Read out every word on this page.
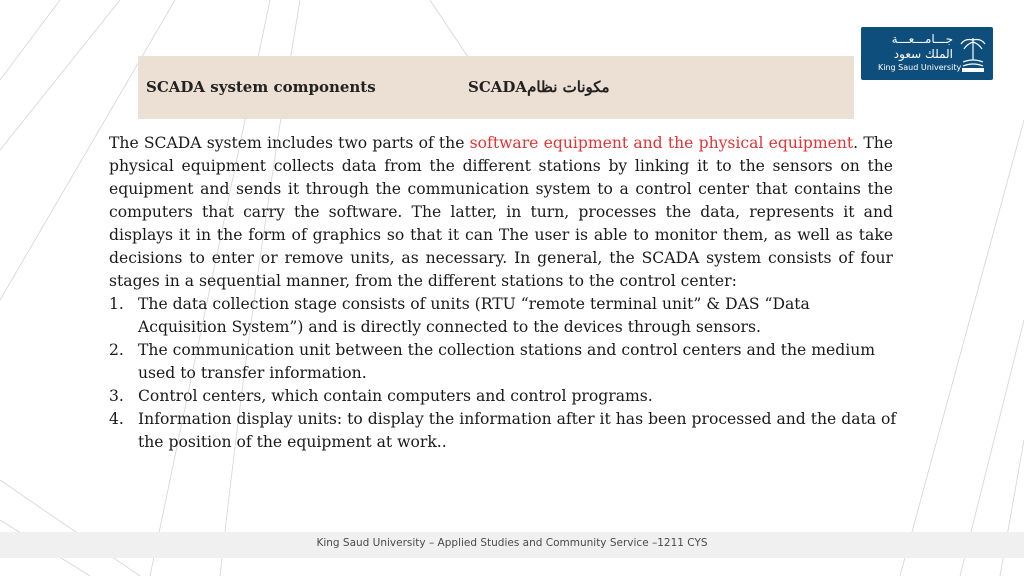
SCADA system components	SCADAمكونات نظام
جـــامـــعـــة
الملك سعود
King Saud University

The SCADA system includes two parts of the software equipment and the physical equipment. The physical equipment collects data from the different stations by linking it to the sensors on the equipment and sends it through the communication system to a control center that contains the computers that carry the software. The latter, in turn, processes the data, represents it and displays it in the form of graphics so that it can The user is able to monitor them, as well as take decisions to enter or remove units, as necessary. In general, the SCADA system consists of four stages in a sequential manner, from the different stations to the control center:

1. The data collection stage consists of units (RTU “remote terminal unit” & DAS “Data Acquisition System”) and is directly connected to the devices through sensors.
2. The communication unit between the collection stations and control centers and the medium used to transfer information.
3. Control centers, which contain computers and control programs.
4. Information display units: to display the information after it has been processed and the data of the position of the equipment at work..
King Saud University – Applied Studies and Community Service –1211 CYS
